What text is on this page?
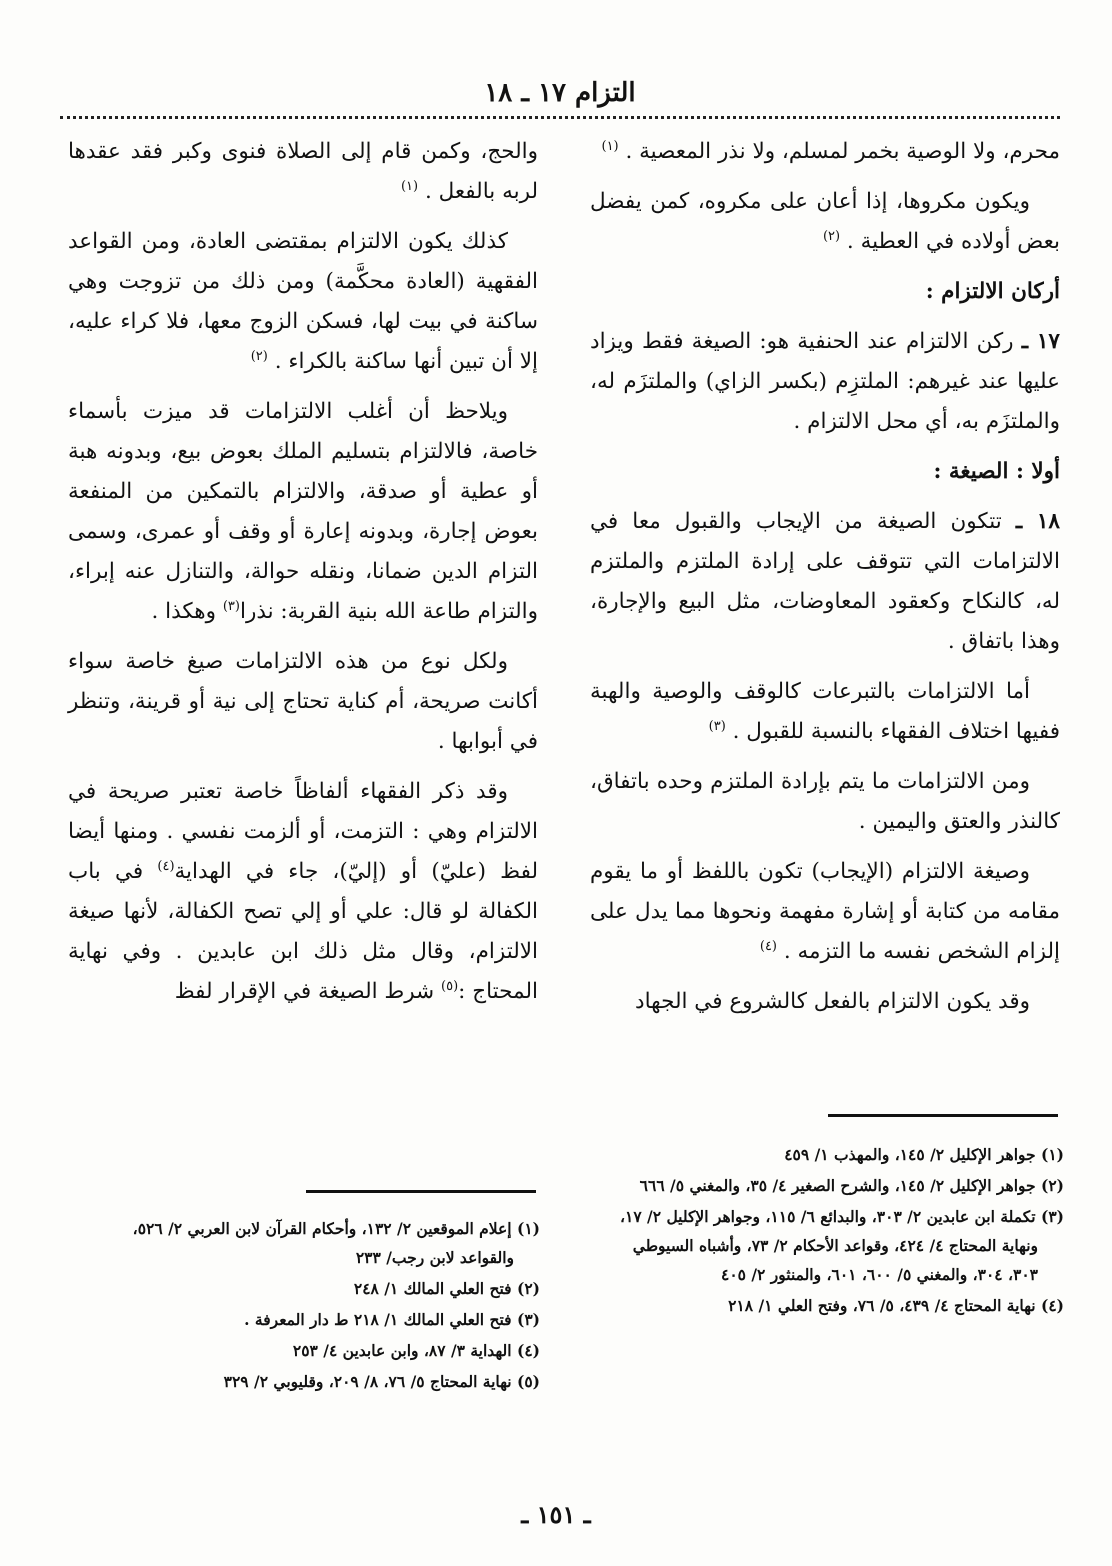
التزام ١٧ ـ ١٨

محرم، ولا الوصية بخمر لمسلم، ولا نذر المعصية . $^{(١)}$

ويكون مكروها، إذا أعان على مكروه، كمن يفضل بعض أولاده في العطية . $^{(٢)}$

أركان الالتزام :

١٧ ـ ركن الالتزام عند الحنفية هو: الصيغة فقط ويزاد عليها عند غيرهم: الملتزِم (بكسر الزاي) والملتزَم له، والملتزَم به، أي محل الالتزام .

أولا : الصيغة :

١٨ ـ تتكون الصيغة من الإيجاب والقبول معا في الالتزامات التي تتوقف على إرادة الملتزم والملتزم له، كالنكاح وكعقود المعاوضات، مثل البيع والإجارة، وهذا باتفاق .

أما الالتزامات بالتبرعات كالوقف والوصية والهبة ففيها اختلاف الفقهاء بالنسبة للقبول . $^{(٣)}$

ومن الالتزامات ما يتم بإرادة الملتزم وحده باتفاق، كالنذر والعتق واليمين .

وصيغة الالتزام (الإيجاب) تكون باللفظ أو ما يقوم مقامه من كتابة أو إشارة مفهمة ونحوها مما يدل على إلزام الشخص نفسه ما التزمه . $^{(٤)}$

وقد يكون الالتزام بالفعل كالشروع في الجهاد

والحج، وكمن قام إلى الصلاة فنوى وكبر فقد عقدها لربه بالفعل . $^{(١)}$

كذلك يكون الالتزام بمقتضى العادة، ومن القواعد الفقهية (العادة محكَّمة) ومن ذلك من تزوجت وهي ساكنة في بيت لها، فسكن الزوج معها، فلا كراء عليه، إلا أن تبين أنها ساكنة بالكراء . $^{(٢)}$

ويلاحظ أن أغلب الالتزامات قد ميزت بأسماء خاصة، فالالتزام بتسليم الملك بعوض بيع، وبدونه هبة أو عطية أو صدقة، والالتزام بالتمكين من المنفعة بعوض إجارة، وبدونه إعارة أو وقف أو عمرى، وسمى التزام الدين ضمانا، ونقله حوالة، والتنازل عنه إبراء، والتزام طاعة الله بنية القربة: نذرا$^{(٣)}$ وهكذا .

ولكل نوع من هذه الالتزامات صيغ خاصة سواء أكانت صريحة، أم كناية تحتاج إلى نية أو قرينة، وتنظر في أبوابها .

وقد ذكر الفقهاء ألفاظاً خاصة تعتبر صريحة في الالتزام وهي : التزمت، أو ألزمت نفسي . ومنها أيضا لفظ (عليّ) أو (إليّ)، جاء في الهداية$^{(٤)}$ في باب الكفالة لو قال: علي أو إلي تصح الكفالة، لأنها صيغة الالتزام، وقال مثل ذلك ابن عابدين . وفي نهاية المحتاج :$^{(٥)}$ شرط الصيغة في الإقرار لفظ

(١) جواهر الإكليل ٢/ ١٤٥، والمهذب ١/ ٤٥٩

(٢) جواهر الإكليل ٢/ ١٤٥، والشرح الصغير ٤/ ٣٥، والمغني ٥/ ٦٦٦

(٣) تكملة ابن عابدين ٢/ ٣٠٣، والبدائع ٦/ ١١٥، وجواهر الإكليل ٢/ ١٧، ونهاية المحتاج ٤/ ٤٢٤، وقواعد الأحكام ٢/ ٧٣، وأشباه السيوطي ٣٠٣، ٣٠٤، والمغني ٥/ ٦٠٠، ٦٠١، والمنثور ٢/ ٤٠٥

(٤) نهاية المحتاج ٤/ ٤٣٩، ٥/ ٧٦، وفتح العلي ١/ ٢١٨

(١) إعلام الموقعين ٢/ ١٣٢، وأحكام القرآن لابن العربي ٢/ ٥٢٦، والقواعد لابن رجب/ ٢٣٣

(٢) فتح العلي المالك ١/ ٢٤٨

(٣) فتح العلي المالك ١/ ٢١٨ ط دار المعرفة .

(٤) الهداية ٣/ ٨٧، وابن عابدين ٤/ ٢٥٣

(٥) نهاية المحتاج ٥/ ٧٦، ٨/ ٢٠٩، وقليوبي ٢/ ٣٢٩

ـ ١٥١ ـ
